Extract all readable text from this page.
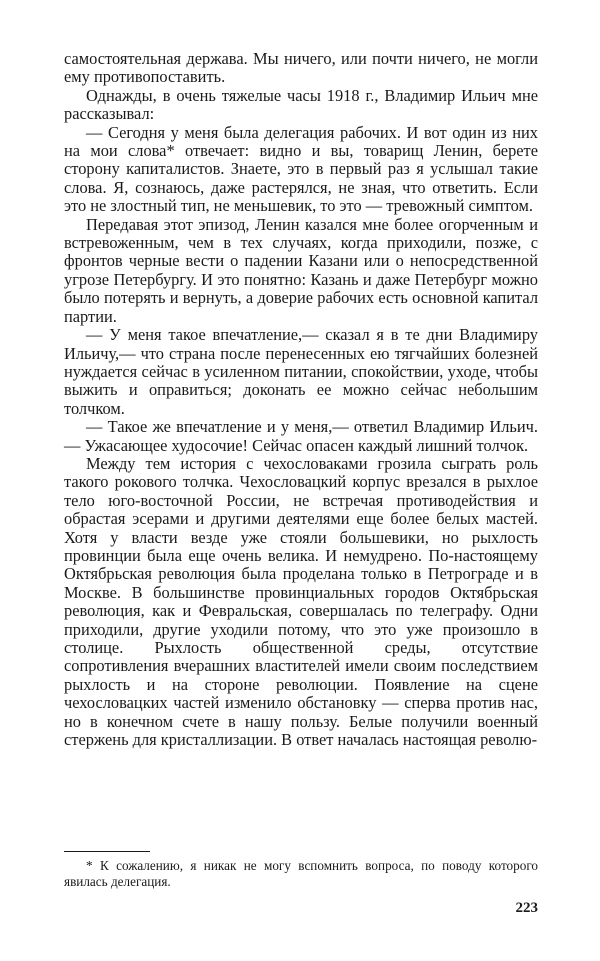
самостоятельная держава. Мы ничего, или почти ничего, не могли ему противопоставить.

Однажды, в очень тяжелые часы 1918 г., Владимир Ильич мне рассказывал:

— Сегодня у меня была делегация рабочих. И вот один из них на мои слова* отвечает: видно и вы, товарищ Ленин, берете сторону капиталистов. Знаете, это в первый раз я услышал такие слова. Я, сознаюсь, даже растерялся, не зная, что ответить. Если это не злостный тип, не меньшевик, то это — тревожный симптом.

Передавая этот эпизод, Ленин казался мне более огорченным и встревоженным, чем в тех случаях, когда приходили, позже, с фронтов черные вести о падении Казани или о непосредственной угрозе Петербургу. И это понятно: Казань и даже Петербург можно было потерять и вернуть, а доверие рабочих есть основной капитал партии.

— У меня такое впечатление,— сказал я в те дни Владимиру Ильичу,— что страна после перенесенных ею тягчайших болезней нуждается сейчас в усиленном питании, спокойствии, уходе, чтобы выжить и оправиться; доконать ее можно сейчас небольшим толчком.

— Такое же впечатление и у меня,— ответил Владимир Ильич.— Ужасающее худосочие! Сейчас опасен каждый лишний толчок.

Между тем история с чехословаками грозила сыграть роль такого рокового толчка. Чехословацкий корпус врезался в рыхлое тело юго-восточной России, не встречая противодействия и обрастая эсерами и другими деятелями еще более белых мастей. Хотя у власти везде уже стояли большевики, но рыхлость провинции была еще очень велика. И немудрено. По-настоящему Октябрьская революция была проделана только в Петрограде и в Москве. В большинстве провинциальных городов Октябрьская революция, как и Февральская, совершалась по телеграфу. Одни приходили, другие уходили потому, что это уже произошло в столице. Рыхлость общественной среды, отсутствие сопротивления вчерашних властителей имели своим последствием рыхлость и на стороне революции. Появление на сцене чехословацких частей изменило обстановку — сперва против нас, но в конечном счете в нашу пользу. Белые получили военный стержень для кристаллизации. В ответ началась настоящая револю-

* К сожалению, я никак не могу вспомнить вопроса, по поводу которого явилась делегация.

223
